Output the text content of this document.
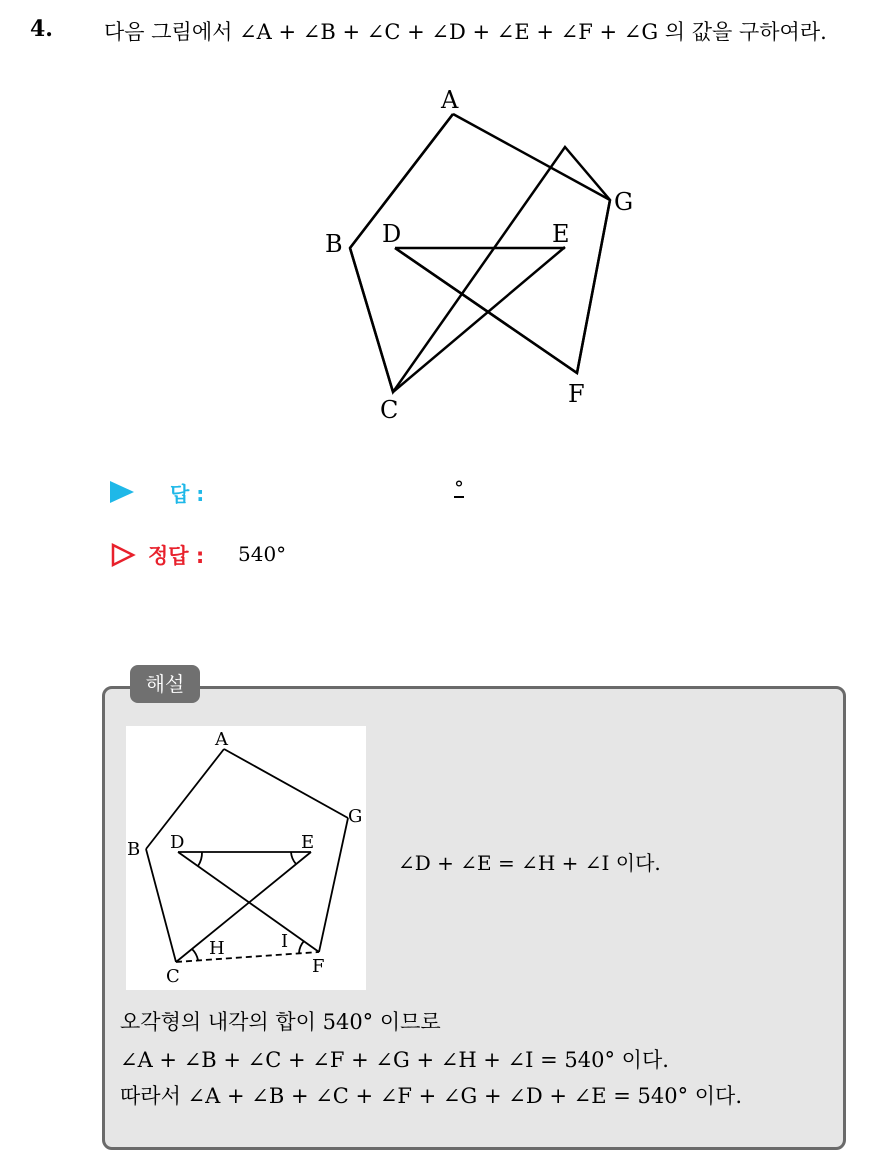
4. 다음 그림에서 ∠A + ∠B + ∠C + ∠D + ∠E + ∠F + ∠G 의 값을 구하여라.
A
B
C
D	E
F
G
답 :	°
정답 : 540°
해설
A
B
C
D	E
F
G
H	I
∠D + ∠E = ∠H + ∠I 이다.
오각형의 내각의 합이 540° 이므로
∠A + ∠B + ∠C + ∠F + ∠G + ∠H + ∠I = 540° 이다.
따라서 ∠A + ∠B + ∠C + ∠F + ∠G + ∠D + ∠E = 540° 이다.
